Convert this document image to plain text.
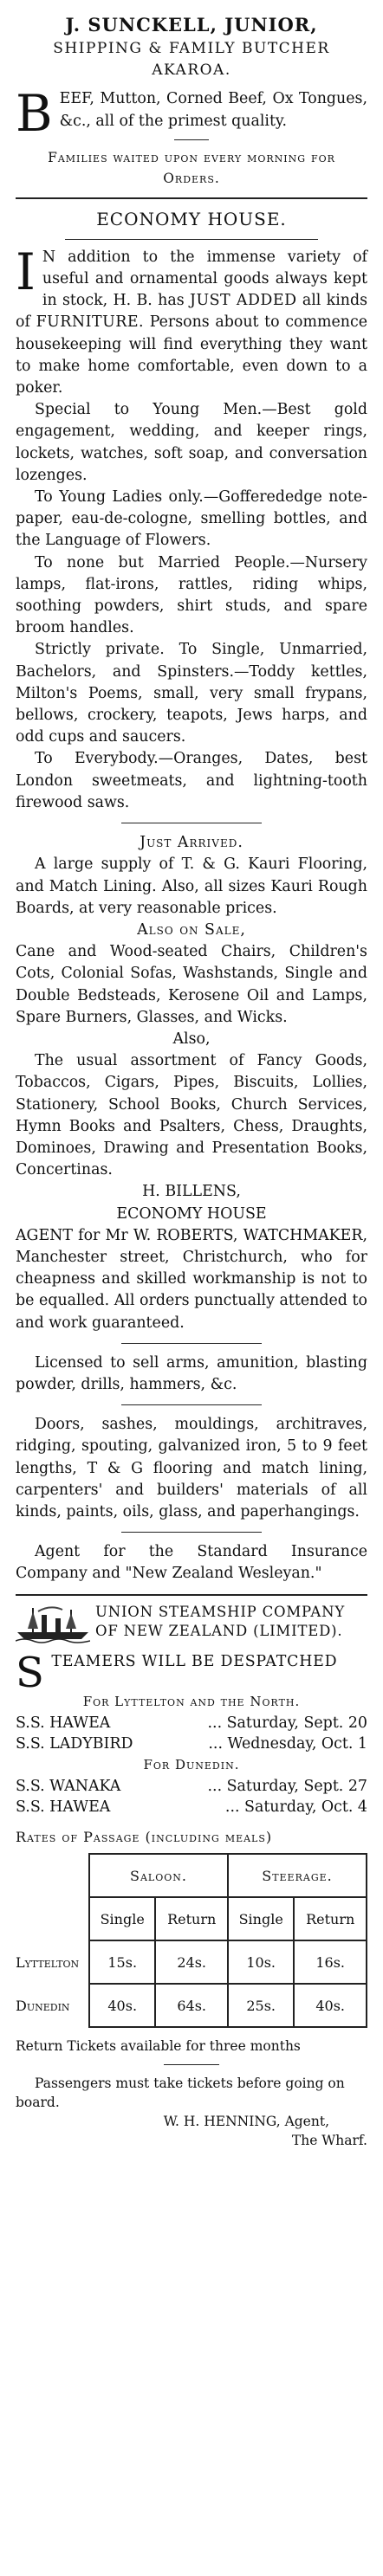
J. SUNCKELL, JUNIOR,

SHIPPING & FAMILY BUTCHER

AKAROA.

BEEF, Mutton, Corned Beef, Ox Tongues, &c., all of the primest quality.

Families waited upon every morning for Orders.

ECONOMY HOUSE.

I N addition to the immense variety of useful and ornamental goods always kept in stock, H. B. has JUST ADDED all kinds of FURNITURE. Persons about to commence housekeeping will find everything they want to make home comfortable, even down to a poker.

Special to Young Men.—Best gold engagement, wedding, and keeper rings, lockets, watches, soft soap, and conversation lozenges.

To Young Ladies only.—Gofferededge note-paper, eau-de-cologne, smelling bottles, and the Language of Flowers.

To none but Married People.—Nursery lamps, flat-irons, rattles, riding whips, soothing powders, shirt studs, and spare broom handles.

Strictly private. To Single, Unmarried, Bachelors, and Spinsters.—Toddy kettles, Milton's Poems, small, very small frypans, bellows, crockery, teapots, Jews harps, and odd cups and saucers.

To Everybody.—Oranges, Dates, best London sweetmeats, and lightning-tooth firewood saws.

Just Arrived.

A large supply of T. & G. Kauri Flooring, and Match Lining. Also, all sizes Kauri Rough Boards, at very reasonable prices.

Also on Sale,

Cane and Wood-seated Chairs, Children's Cots, Colonial Sofas, Washstands, Single and Double Bedsteads, Kerosene Oil and Lamps, Spare Burners, Glasses, and Wicks.

Also,

The usual assortment of Fancy Goods, Tobaccos, Cigars, Pipes, Biscuits, Lollies, Stationery, School Books, Church Services, Hymn Books and Psalters, Chess, Draughts, Dominoes, Drawing and Presentation Books, Concertinas.

H. BILLENS,

ECONOMY HOUSE

AGENT for Mr W. ROBERTS, WATCHMAKER, Manchester street, Christchurch, who for cheapness and skilled workmanship is not to be equalled. All orders punctually attended to and work guaranteed.

Licensed to sell arms, amunition, blasting powder, drills, hammers, &c.

Doors, sashes, mouldings, architraves, ridging, spouting, galvanized iron, 5 to 9 feet lengths, T & G flooring and match lining, carpenters' and builders' materials of all kinds, paints, oils, glass, and paperhangings.

Agent for the Standard Insurance Company and "New Zealand Wesleyan."

UNION STEAMSHIP COMPANY OF NEW ZEALAND (LIMITED).

STEAMERS WILL BE DESPATCHED

For Lyttelton and the North.

S.S. HAWEA	... Saturday, Sept. 20
S.S. LADYBIRD	... Wednesday, Oct. 1

For Dunedin.

S.S. WANAKA	... Saturday, Sept. 27
S.S. HAWEA	... Saturday, Oct. 4

Rates of Passage (including meals)

	Saloon.		Steerage.	
	Single	Return	Single	Return
Lyttelton	15s.	24s.	10s.	16s.
Dunedin	40s.	64s.	25s.	40s.

Return Tickets available for three months

Passengers must take tickets before going on board.

W. H. HENNING, Agent,

The Wharf.
